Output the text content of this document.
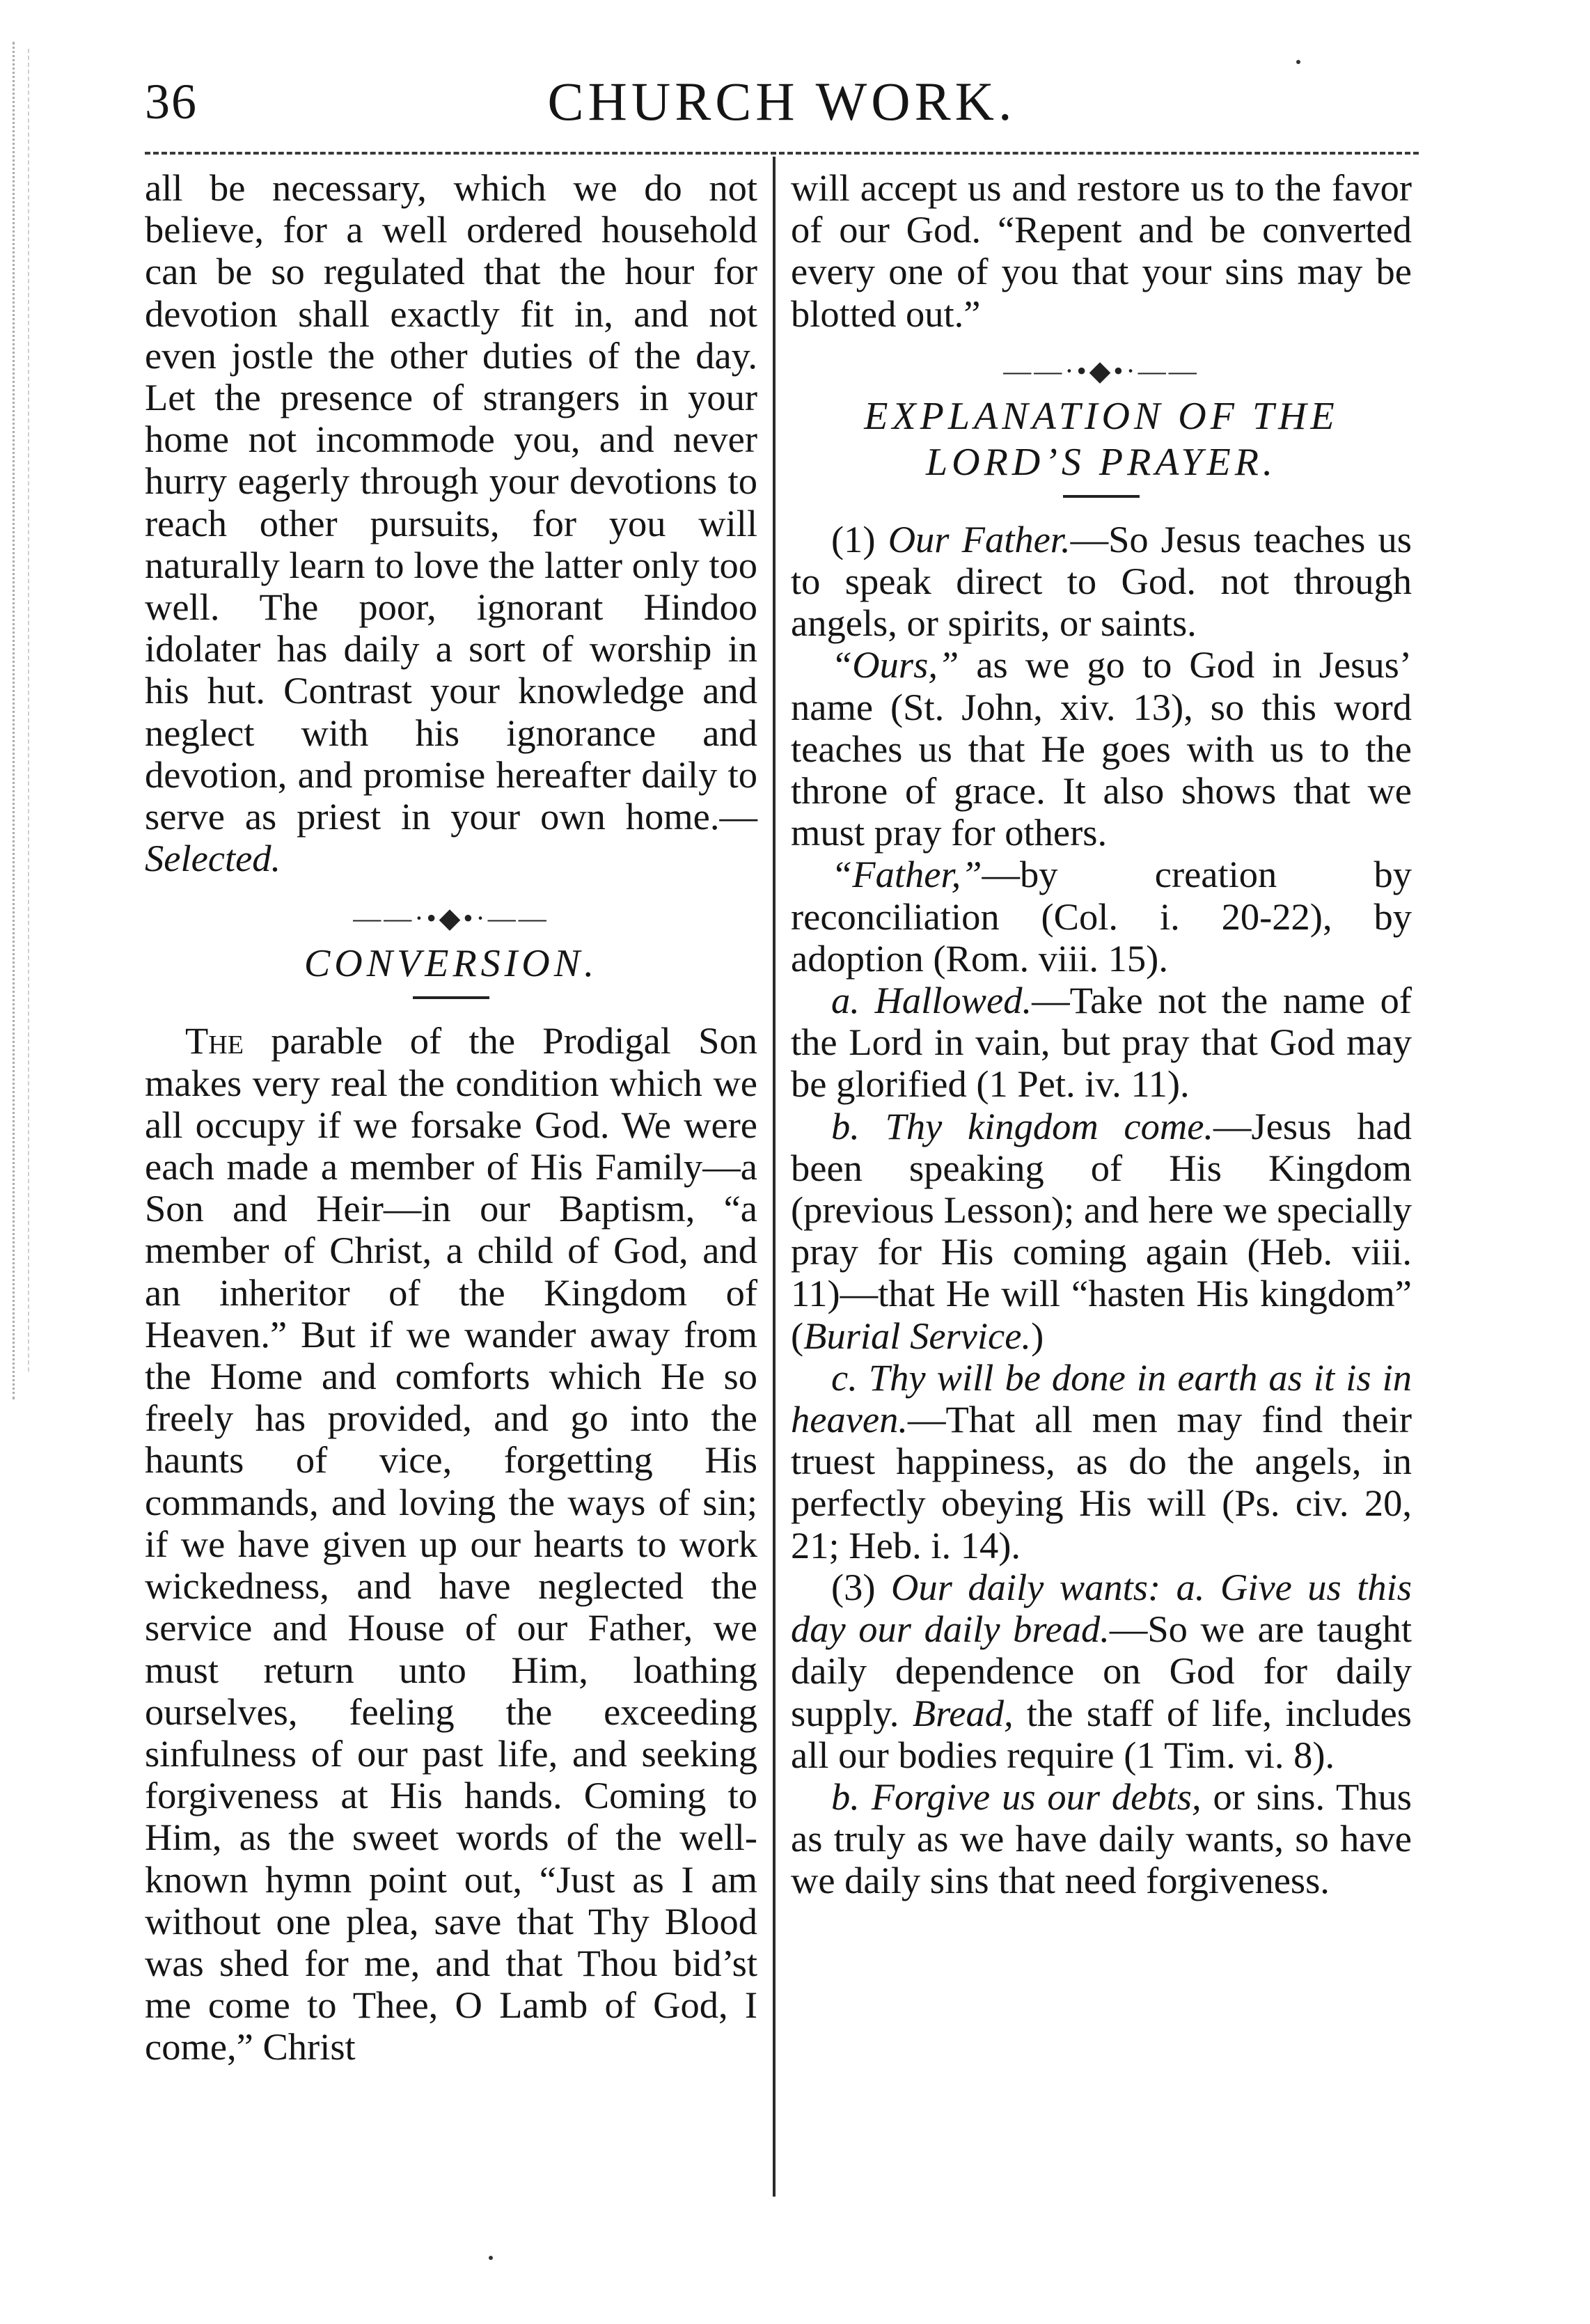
36	CHURCH WORK.

all be necessary, which we do not believe, for a well ordered household can be so regulated that the hour for devotion shall exactly fit in, and not even jostle the other duties of the day. Let the presence of strangers in your home not incommode you, and never hurry eagerly through your devotions to reach other pursuits, for you will naturally learn to love the latter only too well. The poor, ignorant Hindoo idolater has daily a sort of worship in his hut. Contrast your knowledge and neglect with his ignorance and devotion, and promise hereafter daily to serve as priest in your own home.—Selected.

——·•◆•·——
CONVERSION.

The parable of the Prodigal Son makes very real the condition which we all occupy if we forsake God. We were each made a member of His Family—a Son and Heir—in our Baptism, “a member of Christ, a child of God, and an inheritor of the Kingdom of Heaven.” But if we wander away from the Home and comforts which He so freely has provided, and go into the haunts of vice, forgetting His commands, and loving the ways of sin; if we have given up our hearts to work wickedness, and have neglected the service and House of our Father, we must return unto Him, loathing ourselves, feeling the exceeding sinfulness of our past life, and seeking forgiveness at His hands. Coming to Him, as the sweet words of the well-known hymn point out, “Just as I am without one plea, save that Thy Blood was shed for me, and that Thou bid’st me come to Thee, O Lamb of God, I come,” Christ

will accept us and restore us to the favor of our God. “Repent and be converted every one of you that your sins may be blotted out.”

——·•◆•·——
EXPLANATION OF THE
LORD’S PRAYER.

(1) Our Father.—So Jesus teaches us to speak direct to God. not through angels, or spirits, or saints.

“Ours,” as we go to God in Jesus’ name (St. John, xiv. 13), so this word teaches us that He goes with us to the throne of grace. It also shows that we must pray for others.

“Father,”—by creation by reconciliation (Col. i. 20-22), by adoption (Rom. viii. 15).

a. Hallowed.—Take not the name of the Lord in vain, but pray that God may be glorified (1 Pet. iv. 11).

b. Thy kingdom come.—Jesus had been speaking of His Kingdom (previous Lesson); and here we specially pray for His coming again (Heb. viii. 11)—that He will “hasten His kingdom” (Burial Service.)

c. Thy will be done in earth as it is in heaven.—That all men may find their truest happiness, as do the angels, in perfectly obeying His will (Ps. civ. 20, 21; Heb. i. 14).

(3) Our daily wants: a. Give us this day our daily bread.—So we are taught daily dependence on God for daily supply. Bread, the staff of life, includes all our bodies require (1 Tim. vi. 8).

b. Forgive us our debts, or sins. Thus as truly as we have daily wants, so have we daily sins that need forgiveness.
